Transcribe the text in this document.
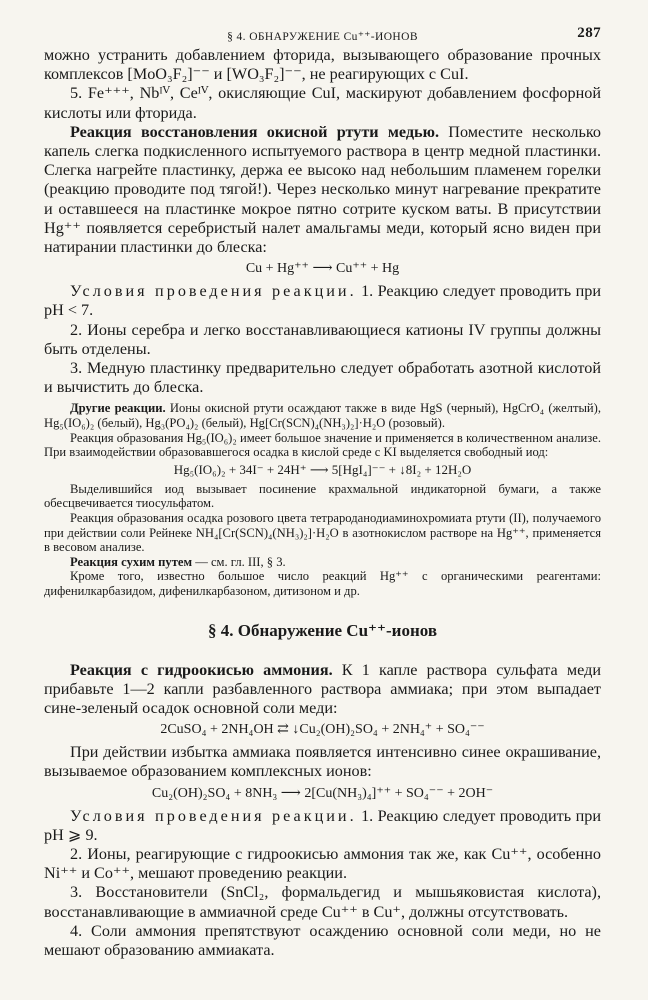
§ 4. ОБНАРУЖЕНИЕ Cu⁺⁺-ИОНОВ	287

можно устранить добавлением фторида, вызывающего образование прочных комплексов [MoO₃F₂]⁻⁻ и [WO₃F₂]⁻⁻, не реагирующих с CuI.

5. Fe⁺⁺⁺, Nbᴵⱽ, Ceᴵⱽ, окисляющие CuI, маскируют добавлением фосфорной кислоты или фторида.

Реакция восстановления окисной ртути медью. Поместите несколько капель слегка подкисленного испытуемого раствора в центр медной пластинки. Слегка нагрейте пластинку, держа ее высоко над небольшим пламенем горелки (реакцию проводите под тягой!). Через несколько минут нагревание прекратите и оставшееся на пластинке мокрое пятно сотрите куском ваты. В присутствии Hg⁺⁺ появляется серебристый налет амальгамы меди, который ясно виден при натирании пластинки до блеска:

Cu + Hg⁺⁺ ⟶ Cu⁺⁺ + Hg

Условия проведения реакции. 1. Реакцию следует проводить при pH < 7.

2. Ионы серебра и легко восстанавливающиеся катионы IV группы должны быть отделены.

3. Медную пластинку предварительно следует обработать азотной кислотой и вычистить до блеска.

Другие реакции. Ионы окисной ртути осаждают также в виде HgS (черный), HgCrO₄ (желтый), Hg₅(IO₆)₂ (белый), Hg₃(PO₄)₂ (белый), Hg[Cr(SCN)₄(NH₃)₂]·H₂O (розовый).

Реакция образования Hg₅(IO₆)₂ имеет большое значение и применяется в количественном анализе. При взаимодействии образовавшегося осадка в кислой среде с KI выделяется свободный иод:

Hg₅(IO₆)₂ + 34I⁻ + 24H⁺ ⟶ 5[HgI₄]⁻⁻ + ↓8I₂ + 12H₂O

Выделившийся иод вызывает посинение крахмальной индикаторной бумаги, а также обесцвечивается тиосульфатом.

Реакция образования осадка розового цвета тетрароданодиаминохромиата ртути (II), получаемого при действии соли Рейнеке NH₄[Cr(SCN)₄(NH₃)₂]·H₂O в азотнокислом растворе на Hg⁺⁺, применяется в весовом анализе.

Реакция сухим путем — см. гл. III, § 3.

Кроме того, известно большое число реакций Hg⁺⁺ с органическими реагентами: дифенилкарбазидом, дифенилкарбазоном, дитизоном и др.

§ 4. Обнаружение Cu⁺⁺-ионов

Реакция с гидроокисью аммония. К 1 капле раствора сульфата меди прибавьте 1—2 капли разбавленного раствора аммиака; при этом выпадает сине-зеленый осадок основной соли меди:

2CuSO₄ + 2NH₄OH ⇄ ↓Cu₂(OH)₂SO₄ + 2NH₄⁺ + SO₄⁻⁻

При действии избытка аммиака появляется интенсивно синее окрашивание, вызываемое образованием комплексных ионов:

Cu₂(OH)₂SO₄ + 8NH₃ ⟶ 2[Cu(NH₃)₄]⁺⁺ + SO₄⁻⁻ + 2OH⁻

Условия проведения реакции. 1. Реакцию следует проводить при pH ⩾ 9.

2. Ионы, реагирующие с гидроокисью аммония так же, как Cu⁺⁺, особенно Ni⁺⁺ и Co⁺⁺, мешают проведению реакции.

3. Восстановители (SnCl₂, формальдегид и мышьяковистая кислота), восстанавливающие в аммиачной среде Cu⁺⁺ в Cu⁺, должны отсутствовать.

4. Соли аммония препятствуют осаждению основной соли меди, но не мешают образованию аммиаката.
